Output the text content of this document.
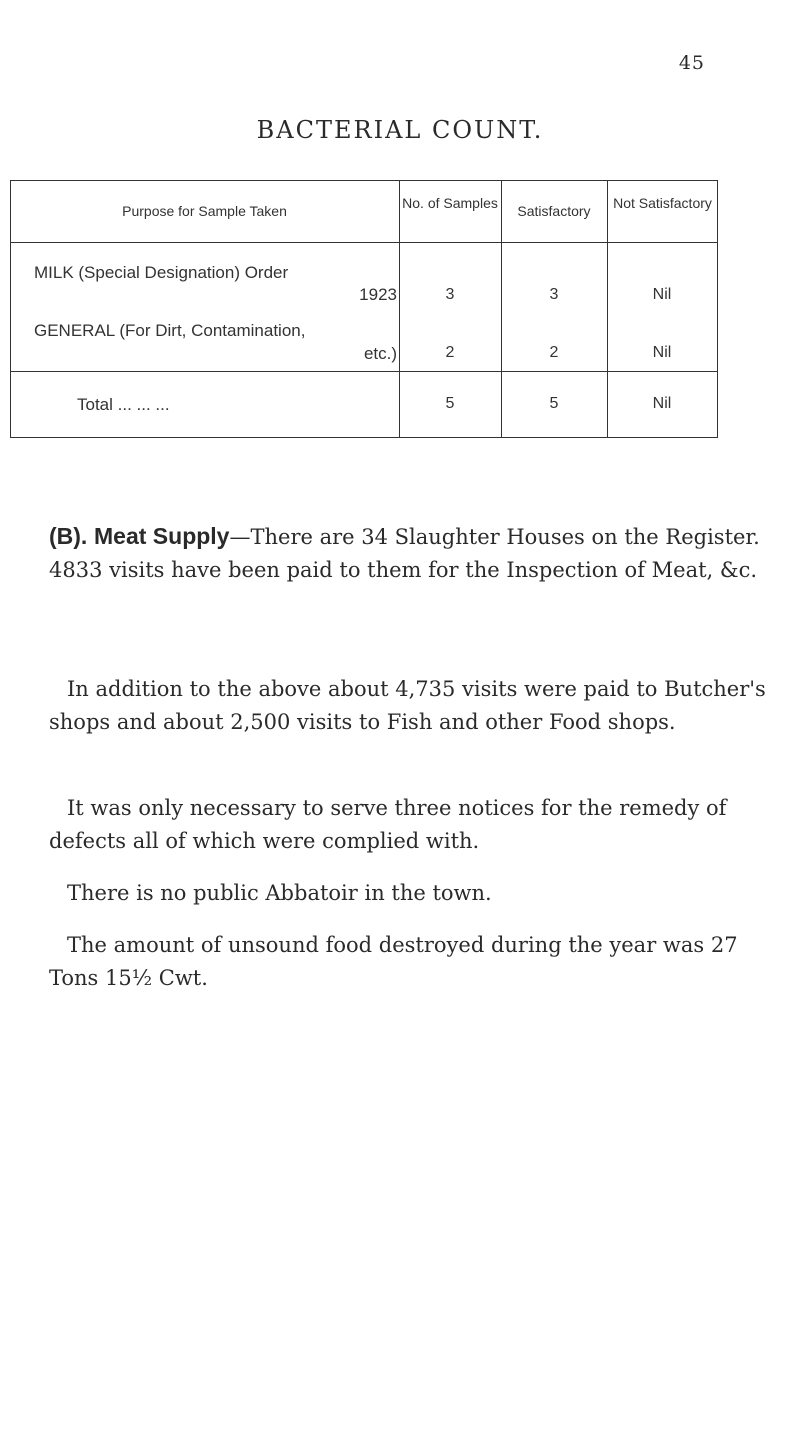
45
BACTERIAL COUNT.
Purpose for Sample Taken	No. of Samples	Satisfactory	Not Satisfactory
MILK (Special Designation) Order
1923	3	3	Nil
GENERAL (For Dirt, Contamination,
etc.)	2	2	Nil
Total ... ... ...	5	5	Nil
(B). Meat Supply—There are 34 Slaughter Houses on the Register. 4833 visits have been paid to them for the Inspection of Meat, &c.
In addition to the above about 4,735 visits were paid to Butcher's shops and about 2,500 visits to Fish and other Food shops.
It was only necessary to serve three notices for the remedy of defects all of which were complied with.
There is no public Abbatoir in the town.
The amount of unsound food destroyed during the year was 27 Tons 15½ Cwt.
